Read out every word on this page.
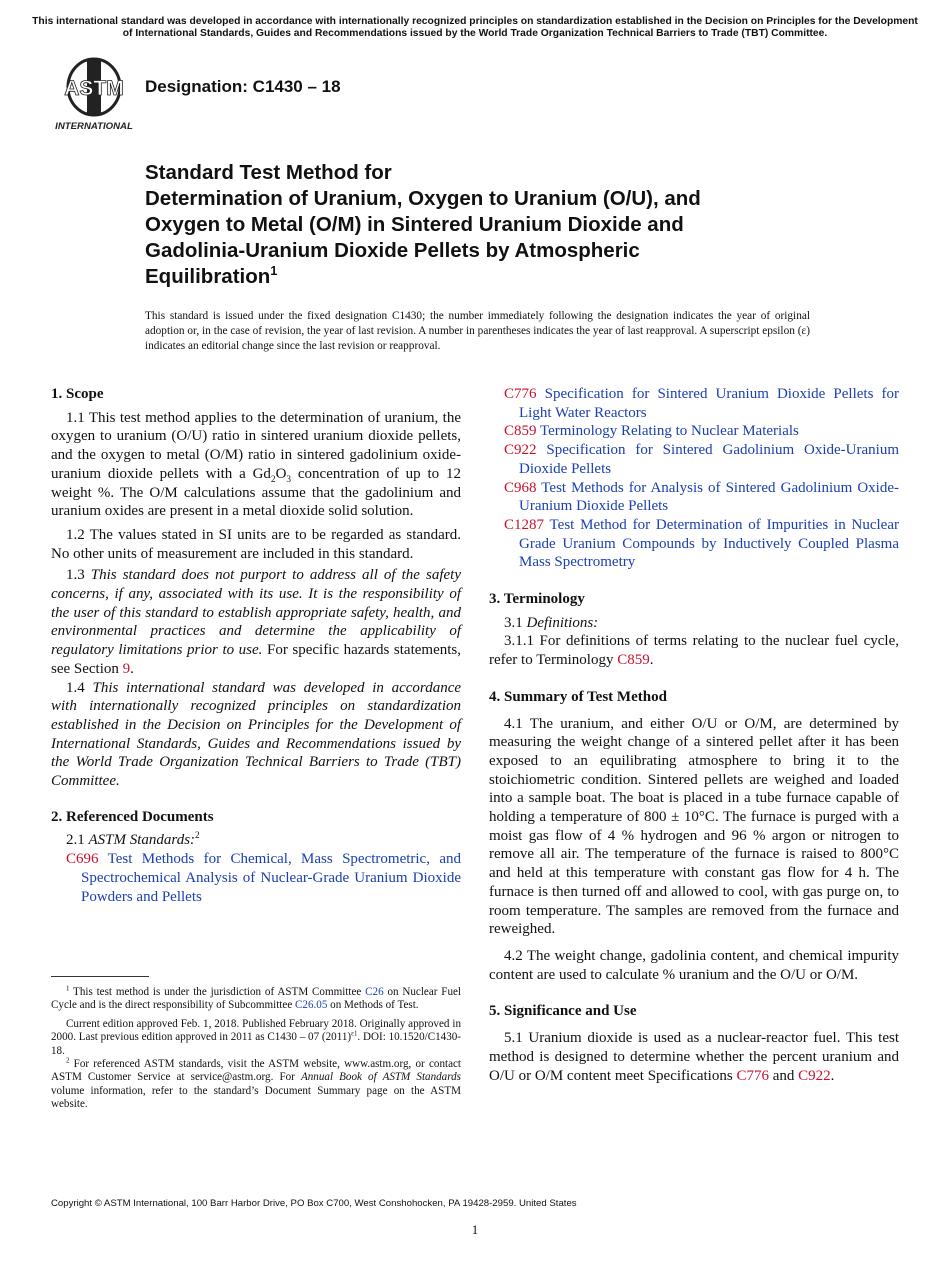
This international standard was developed in accordance with internationally recognized principles on standardization established in the Decision on Principles for the Development of International Standards, Guides and Recommendations issued by the World Trade Organization Technical Barriers to Trade (TBT) Committee.
ASTM
INTERNATIONAL
Designation: C1430 – 18
Standard Test Method for
Determination of Uranium, Oxygen to Uranium (O/U), and
Oxygen to Metal (O/M) in Sintered Uranium Dioxide and
Gadolinia-Uranium Dioxide Pellets by Atmospheric
Equilibration$^1$
This standard is issued under the fixed designation C1430; the number immediately following the designation indicates the year of original adoption or, in the case of revision, the year of last revision. A number in parentheses indicates the year of last reapproval. A superscript epsilon (ε) indicates an editorial change since the last revision or reapproval.

1. Scope

1.1 This test method applies to the determination of uranium, the oxygen to uranium (O/U) ratio in sintered uranium dioxide pellets, and the oxygen to metal (O/M) ratio in sintered gadolinium oxide-uranium dioxide pellets with a $Gd_2O_3$ concentration of up to 12 weight %. The O/M calculations assume that the gadolinium and uranium oxides are present in a metal dioxide solid solution.

1.2 The values stated in SI units are to be regarded as standard. No other units of measurement are included in this standard.

1.3 This standard does not purport to address all of the safety concerns, if any, associated with its use. It is the responsibility of the user of this standard to establish appropriate safety, health, and environmental practices and determine the applicability of regulatory limitations prior to use. For specific hazards statements, see Section 9.

1.4 This international standard was developed in accordance with internationally recognized principles on standardization established in the Decision on Principles for the Development of International Standards, Guides and Recommendations issued by the World Trade Organization Technical Barriers to Trade (TBT) Committee.

2. Referenced Documents

2.1 ASTM Standards:$^2$

C696 Test Methods for Chemical, Mass Spectrometric, and Spectrochemical Analysis of Nuclear-Grade Uranium Dioxide Powders and Pellets

$^1$ This test method is under the jurisdiction of ASTM Committee C26 on Nuclear Fuel Cycle and is the direct responsibility of Subcommittee C26.05 on Methods of Test.

Current edition approved Feb. 1, 2018. Published February 2018. Originally approved in 2000. Last previous edition approved in 2011 as C1430 – 07 $(2011)^{\varepsilon 1}$. DOI: 10.1520/C1430-18.

$^2$ For referenced ASTM standards, visit the ASTM website, www.astm.org, or contact ASTM Customer Service at service@astm.org. For Annual Book of ASTM Standards volume information, refer to the standard’s Document Summary page on the ASTM website.

C776 Specification for Sintered Uranium Dioxide Pellets for Light Water Reactors

C859 Terminology Relating to Nuclear Materials

C922 Specification for Sintered Gadolinium Oxide-Uranium Dioxide Pellets

C968 Test Methods for Analysis of Sintered Gadolinium Oxide-Uranium Dioxide Pellets

C1287 Test Method for Determination of Impurities in Nuclear Grade Uranium Compounds by Inductively Coupled Plasma Mass Spectrometry

3. Terminology

3.1 Definitions:

3.1.1 For definitions of terms relating to the nuclear fuel cycle, refer to Terminology C859.

4. Summary of Test Method

4.1 The uranium, and either O/U or O/M, are determined by measuring the weight change of a sintered pellet after it has been exposed to an equilibrating atmosphere to bring it to the stoichiometric condition. Sintered pellets are weighed and loaded into a sample boat. The boat is placed in a tube furnace capable of holding a temperature of 800 ± 10°C. The furnace is purged with a moist gas flow of 4 % hydrogen and 96 % argon or nitrogen to remove all air. The temperature of the furnace is raised to 800°C and held at this temperature with constant gas flow for 4 h. The furnace is then turned off and allowed to cool, with gas purge on, to room temperature. The samples are removed from the furnace and reweighed.

4.2 The weight change, gadolinia content, and chemical impurity content are used to calculate % uranium and the O/U or O/M.

5. Significance and Use

5.1 Uranium dioxide is used as a nuclear-reactor fuel. This test method is designed to determine whether the percent uranium and O/U or O/M content meet Specifications C776 and C922.

Copyright © ASTM International, 100 Barr Harbor Drive, PO Box C700, West Conshohocken, PA 19428-2959. United States
1
